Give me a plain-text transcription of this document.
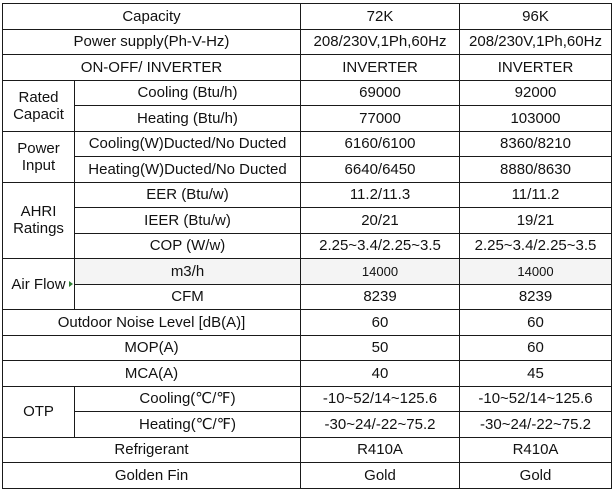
Capacity		72K	96K
Power supply(Ph-V-Hz)		208/230V,1Ph,60Hz	208/230V,1Ph,60Hz
ON-OFF/ INVERTER		INVERTER	INVERTER
Rated Capacit	Cooling (Btu/h)	69000	92000
	Heating (Btu/h)	77000	103000
Power Input	Cooling(W)Ducted/No Ducted	6160/6100	8360/8210
	Heating(W)Ducted/No Ducted	6640/6450	8880/8630
AHRI Ratings	EER (Btu/w)	11.2/11.3	11/11.2
	IEER (Btu/w)	20/21	19/21
	COP (W/w)	2.25~3.4/2.25~3.5	2.25~3.4/2.25~3.5
Air Flow	m3/h	14000	14000
	CFM	8239	8239
Outdoor Noise Level [dB(A)]		60	60
MOP(A)		50	60
MCA(A)		40	45
OTP	Cooling(℃/℉)	-10~52/14~125.6	-10~52/14~125.6
	Heating(℃/℉)	-30~24/-22~75.2	-30~24/-22~75.2
Refrigerant		R410A	R410A
Golden Fin		Gold	Gold
